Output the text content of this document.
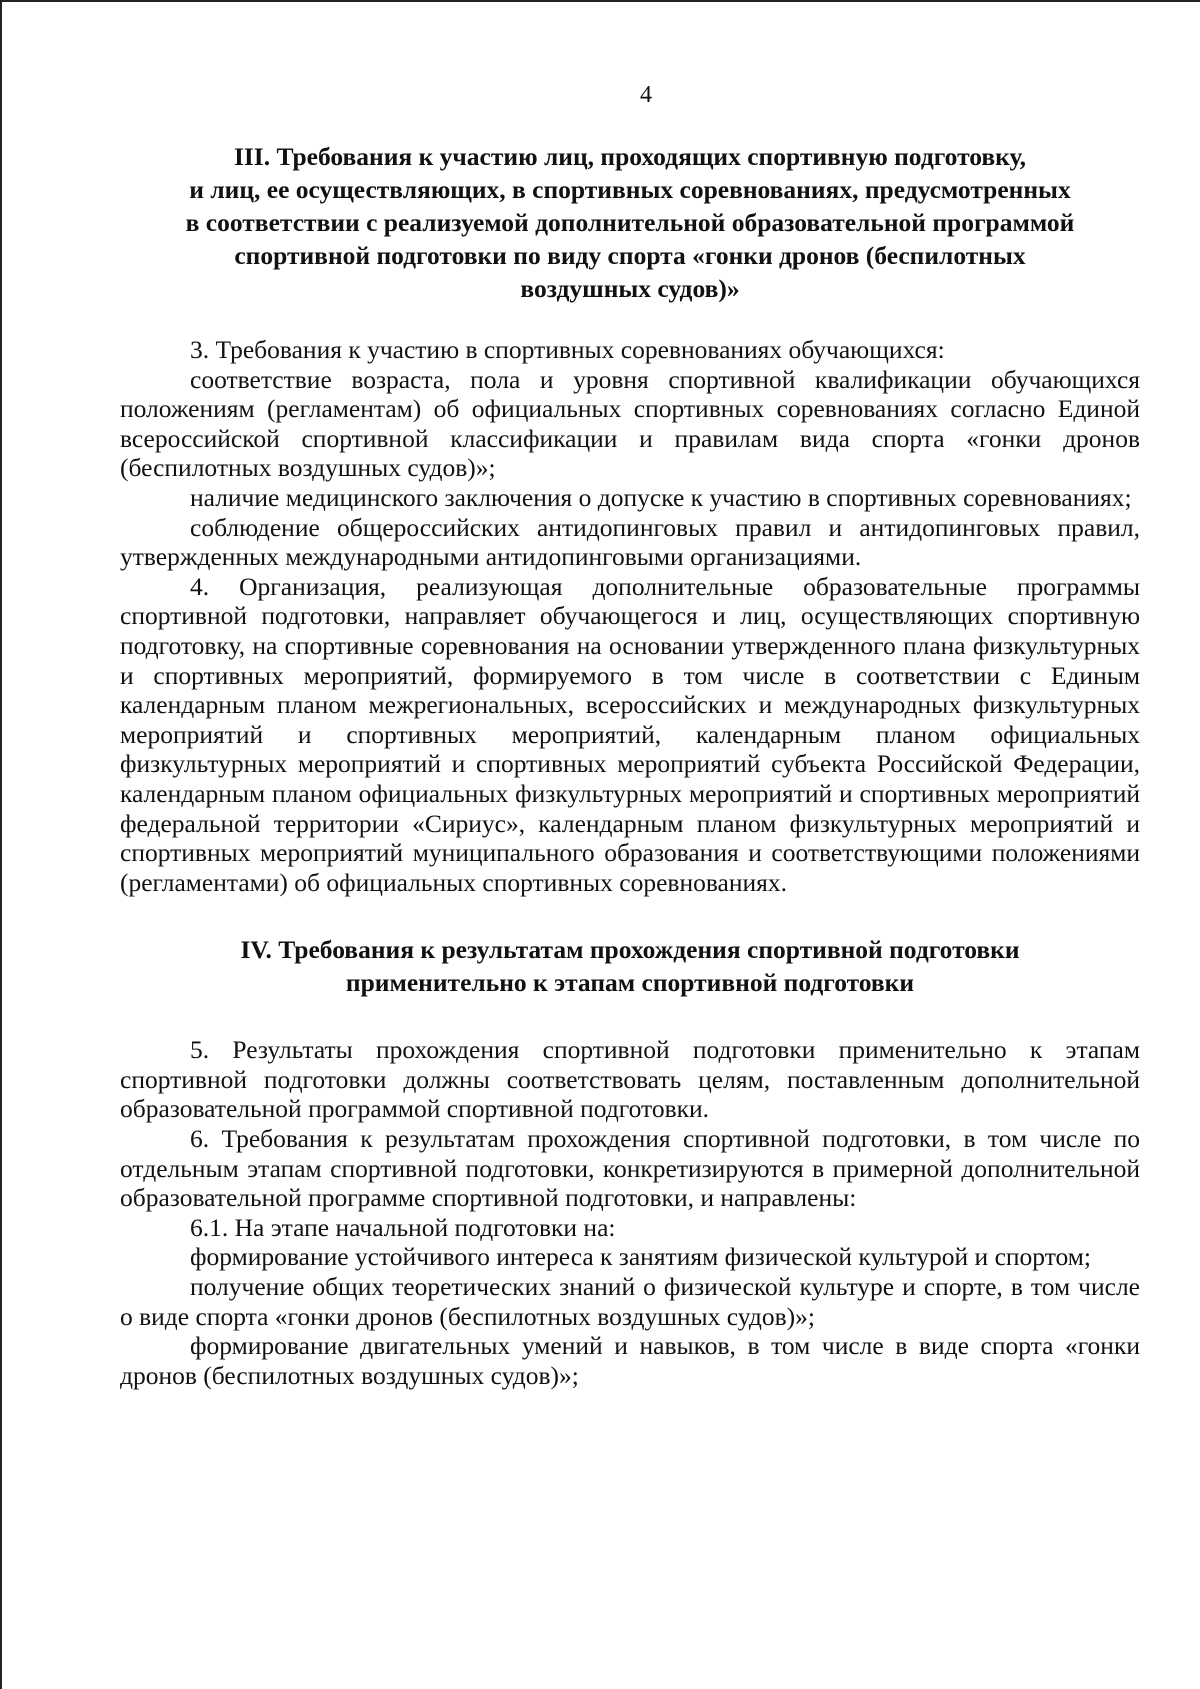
4
III. Требования к участию лиц, проходящих спортивную подготовку,
и лиц, ее осуществляющих, в спортивных соревнованиях, предусмотренных
в соответствии с реализуемой дополнительной образовательной программой
спортивной подготовки по виду спорта «гонки дронов (беспилотных
воздушных судов)»

3. Требования к участию в спортивных соревнованиях обучающихся:

соответствие возраста, пола и уровня спортивной квалификации обучающихся положениям (регламентам) об официальных спортивных соревнованиях согласно Единой всероссийской спортивной классификации и правилам вида спорта «гонки дронов (беспилотных воздушных судов)»;

наличие медицинского заключения о допуске к участию в спортивных соревнованиях;

соблюдение общероссийских антидопинговых правил и антидопинговых правил, утвержденных международными антидопинговыми организациями.

4. Организация, реализующая дополнительные образовательные программы спортивной подготовки, направляет обучающегося и лиц, осуществляющих спортивную подготовку, на спортивные соревнования на основании утвержденного плана физкультурных и спортивных мероприятий, формируемого в том числе в соответствии с Единым календарным планом межрегиональных, всероссийских и международных физкультурных мероприятий и спортивных мероприятий, календарным планом официальных физкультурных мероприятий и спортивных мероприятий субъекта Российской Федерации, календарным планом официальных физкультурных мероприятий и спортивных мероприятий федеральной территории «Сириус», календарным планом физкультурных мероприятий и спортивных мероприятий муниципального образования и соответствующими положениями (регламентами) об официальных спортивных соревнованиях.

IV. Требования к результатам прохождения спортивной подготовки
применительно к этапам спортивной подготовки

5. Результаты прохождения спортивной подготовки применительно к этапам спортивной подготовки должны соответствовать целям, поставленным дополнительной образовательной программой спортивной подготовки.

6. Требования к результатам прохождения спортивной подготовки, в том числе по отдельным этапам спортивной подготовки, конкретизируются в примерной дополнительной образовательной программе спортивной подготовки, и направлены:

6.1. На этапе начальной подготовки на:

формирование устойчивого интереса к занятиям физической культурой и спортом;

получение общих теоретических знаний о физической культуре и спорте, в том числе о виде спорта «гонки дронов (беспилотных воздушных судов)»;

формирование двигательных умений и навыков, в том числе в виде спорта «гонки дронов (беспилотных воздушных судов)»;
